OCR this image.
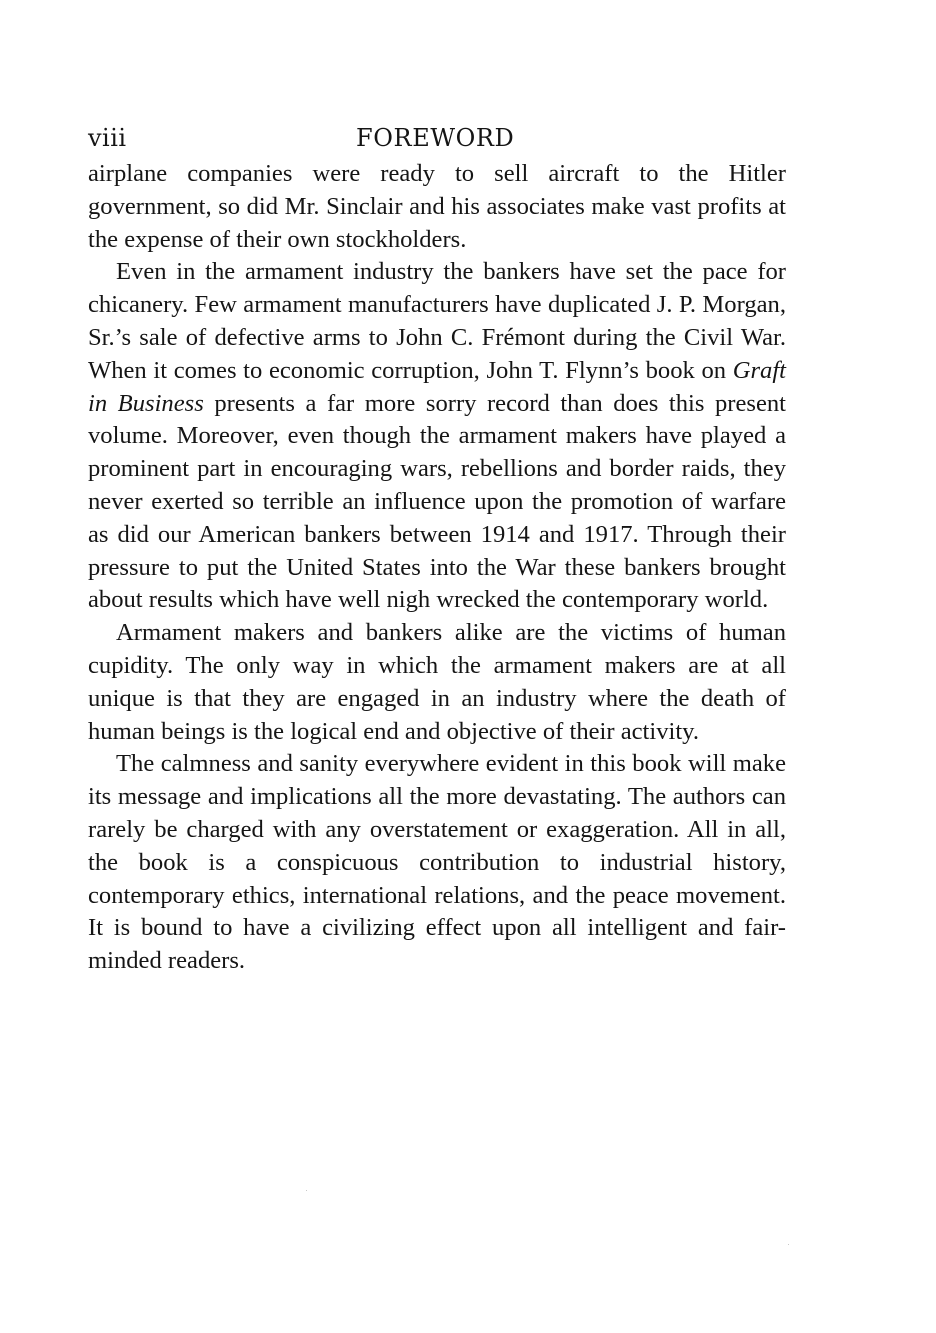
viii	FOREWORD

airplane companies were ready to sell aircraft to the Hitler government, so did Mr. Sinclair and his associates make vast profits at the expense of their own stockholders.

Even in the armament industry the bankers have set the pace for chicanery. Few armament manufacturers have duplicated J. P. Morgan, Sr.’s sale of defective arms to John C. Frémont during the Civil War. When it comes to economic corruption, John T. Flynn’s book on Graft in Business presents a far more sorry record than does this present volume. Moreover, even though the armament makers have played a prominent part in encouraging wars, rebellions and border raids, they never exerted so terrible an influence upon the promotion of warfare as did our American bankers between 1914 and 1917. Through their pressure to put the United States into the War these bankers brought about results which have well nigh wrecked the contemporary world.

Armament makers and bankers alike are the victims of human cupidity. The only way in which the armament makers are at all unique is that they are engaged in an industry where the death of human beings is the logical end and objective of their activity.

The calmness and sanity everywhere evident in this book will make its message and implications all the more devastating. The authors can rarely be charged with any overstatement or exaggeration. All in all, the book is a conspicuous contribution to industrial history, contemporary ethics, international relations, and the peace movement. It is bound to have a civilizing effect upon all intelligent and fair-minded readers.
